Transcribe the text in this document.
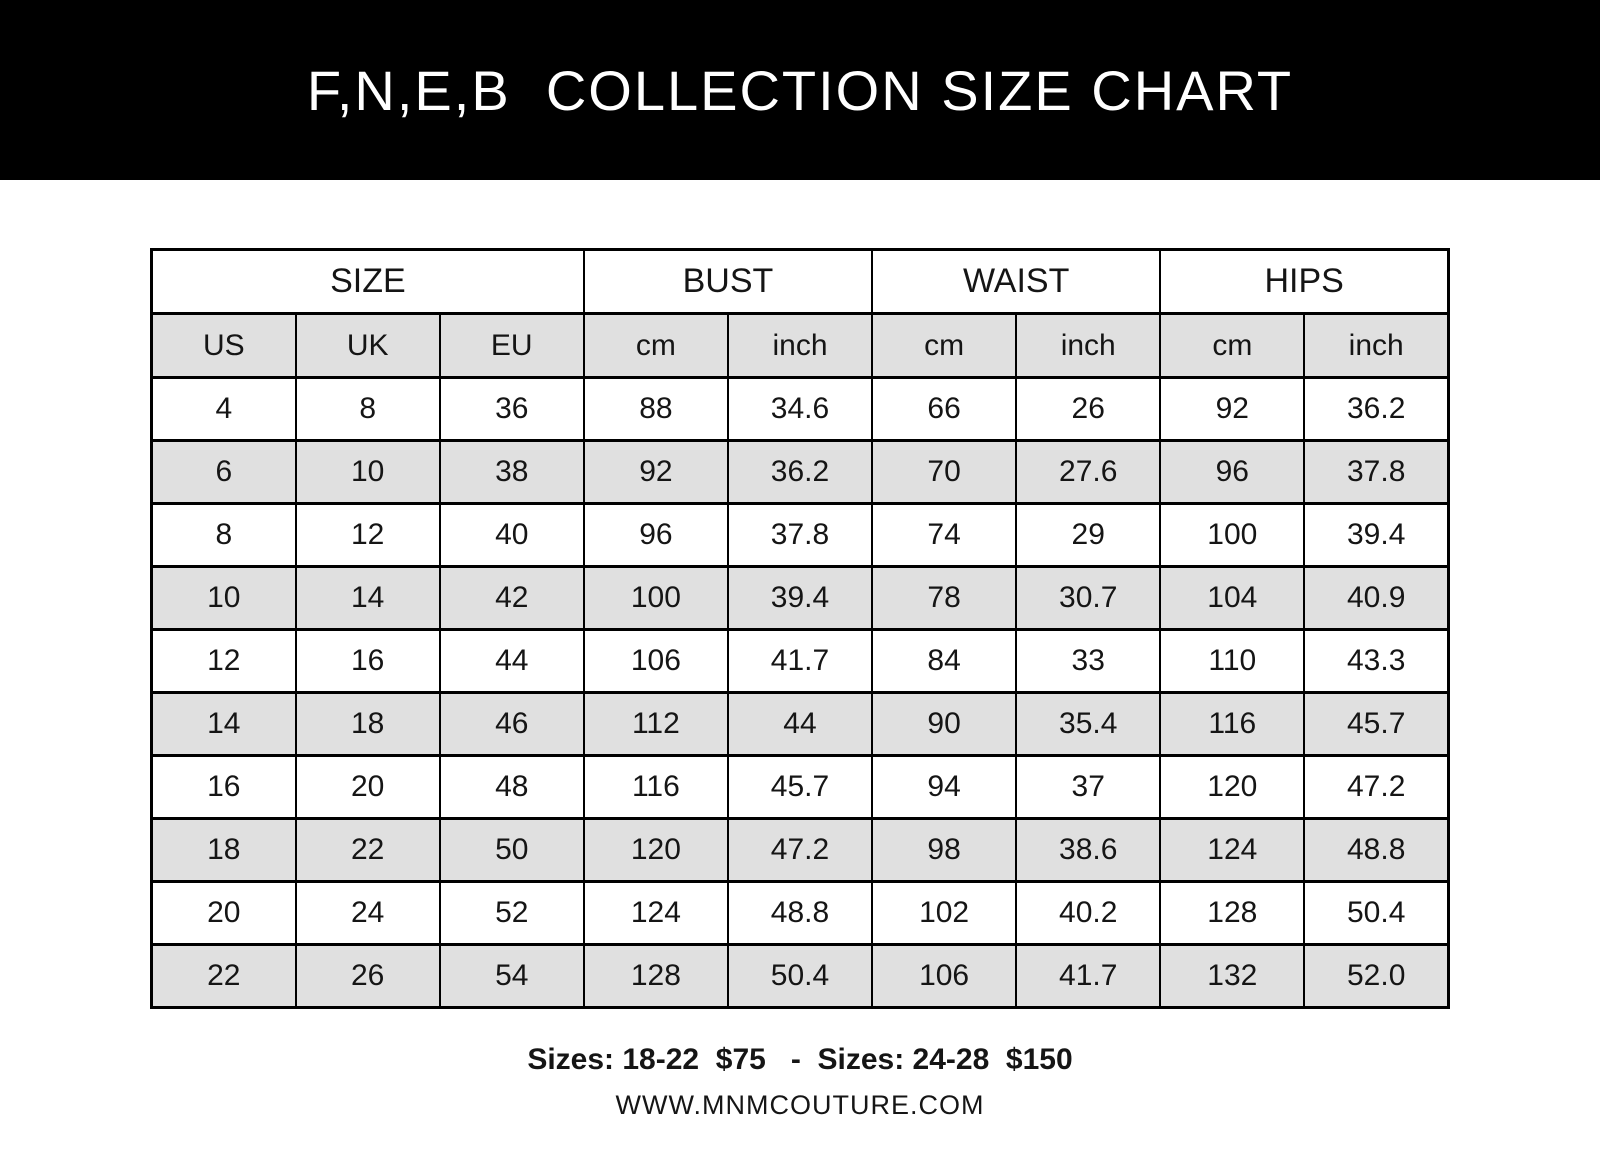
F,N,E,B  COLLECTION SIZE CHART
SIZE			BUST		WAIST		HIPS	
US	UK	EU	cm	inch	cm	inch	cm	inch
4	8	36	88	34.6	66	26	92	36.2
6	10	38	92	36.2	70	27.6	96	37.8
8	12	40	96	37.8	74	29	100	39.4
10	14	42	100	39.4	78	30.7	104	40.9
12	16	44	106	41.7	84	33	110	43.3
14	18	46	112	44	90	35.4	116	45.7
16	20	48	116	45.7	94	37	120	47.2
18	22	50	120	47.2	98	38.6	124	48.8
20	24	52	124	48.8	102	40.2	128	50.4
22	26	54	128	50.4	106	41.7	132	52.0

Sizes: 18-22  $75   -  Sizes: 24-28  $150

WWW.MNMCOUTURE.COM
